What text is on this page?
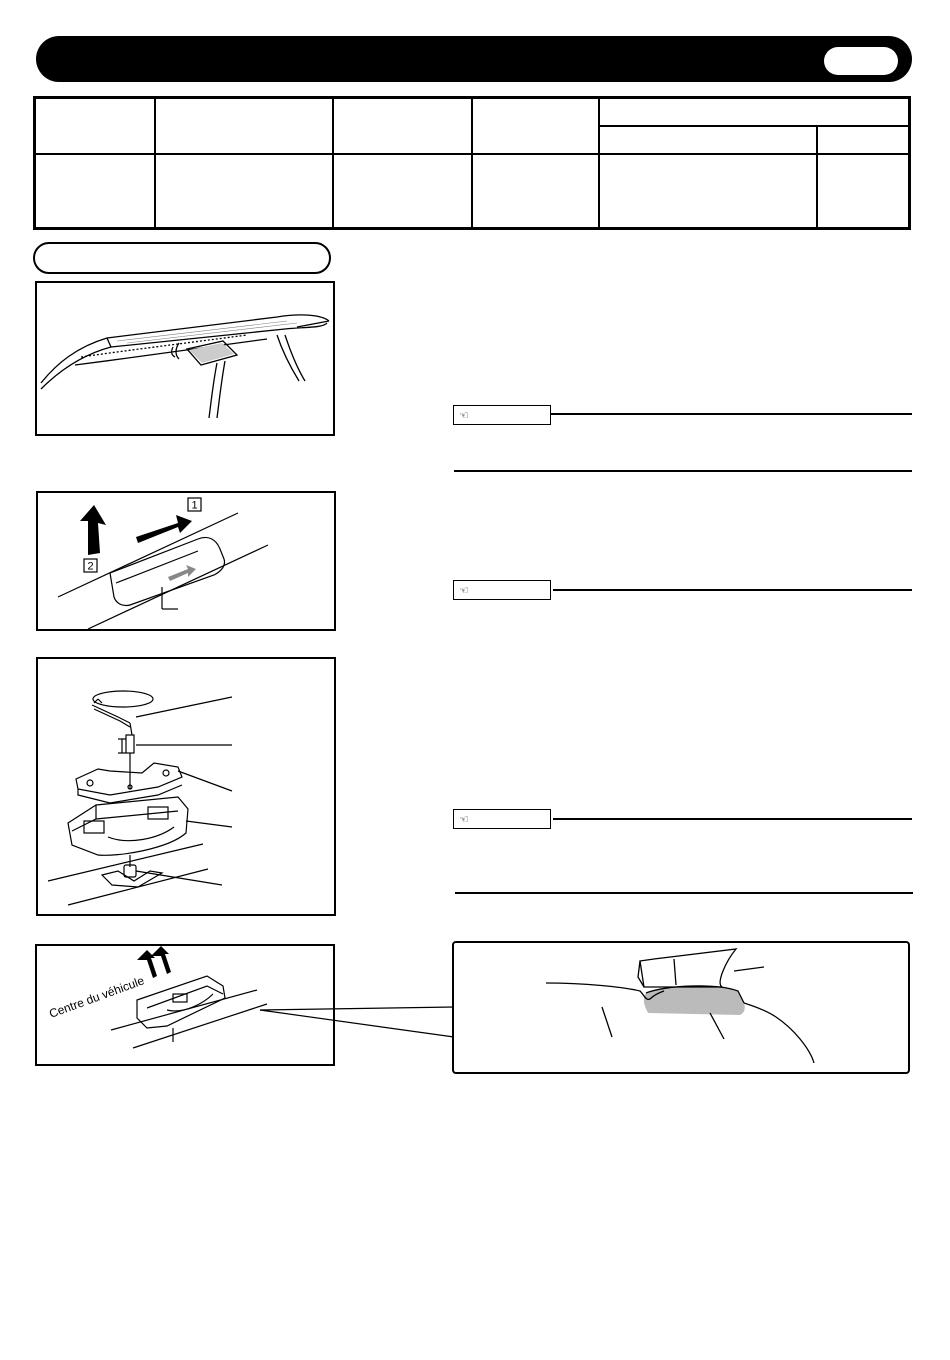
1
2
Centre du véhicule
☜
☜
☜
